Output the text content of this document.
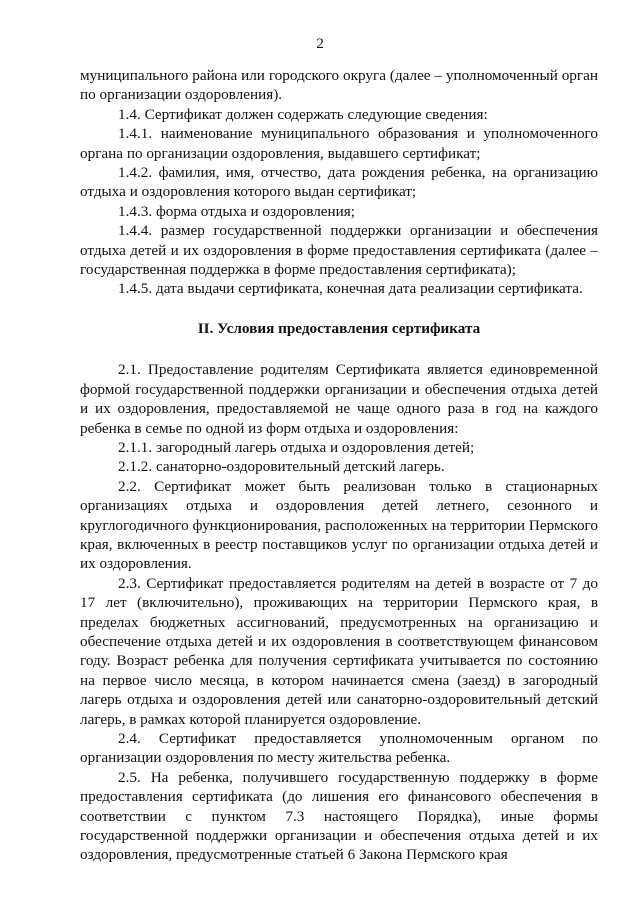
2

муниципального района или городского округа (далее – уполномоченный орган по организации оздоровления).

1.4. Сертификат должен содержать следующие сведения:

1.4.1. наименование муниципального образования и уполномоченного органа по организации оздоровления, выдавшего сертификат;

1.4.2. фамилия, имя, отчество, дата рождения ребенка, на организацию отдыха и оздоровления которого выдан сертификат;

1.4.3. форма отдыха и оздоровления;

1.4.4. размер государственной поддержки организации и обеспечения отдыха детей и их оздоровления в форме предоставления сертификата (далее – государственная поддержка в форме предоставления сертификата);

1.4.5. дата выдачи сертификата, конечная дата реализации сертификата.

II. Условия предоставления сертификата

2.1. Предоставление родителям Сертификата является единовременной формой государственной поддержки организации и обеспечения отдыха детей и их оздоровления, предоставляемой не чаще одного раза в год на каждого ребенка в семье по одной из форм отдыха и оздоровления:

2.1.1. загородный лагерь отдыха и оздоровления детей;

2.1.2. санаторно-оздоровительный детский лагерь.

2.2. Сертификат может быть реализован только в стационарных организациях отдыха и оздоровления детей летнего, сезонного и круглогодичного функционирования, расположенных на территории Пермского края, включенных в реестр поставщиков услуг по организации отдыха детей и их оздоровления.

2.3. Сертификат предоставляется родителям на детей в возрасте от 7 до 17 лет (включительно), проживающих на территории Пермского края, в пределах бюджетных ассигнований, предусмотренных на организацию и обеспечение отдыха детей и их оздоровления в соответствующем финансовом году. Возраст ребенка для получения сертификата учитывается по состоянию на первое число месяца, в котором начинается смена (заезд) в загородный лагерь отдыха и оздоровления детей или санаторно-оздоровительный детский лагерь, в рамках которой планируется оздоровление.

2.4. Сертификат предоставляется уполномоченным органом по организации оздоровления по месту жительства ребенка.

2.5. На ребенка, получившего государственную поддержку в форме предоставления сертификата (до лишения его финансового обеспечения в соответствии с пунктом 7.3 настоящего Порядка), иные формы государственной поддержки организации и обеспечения отдыха детей и их оздоровления, предусмотренные статьей 6 Закона Пермского края
